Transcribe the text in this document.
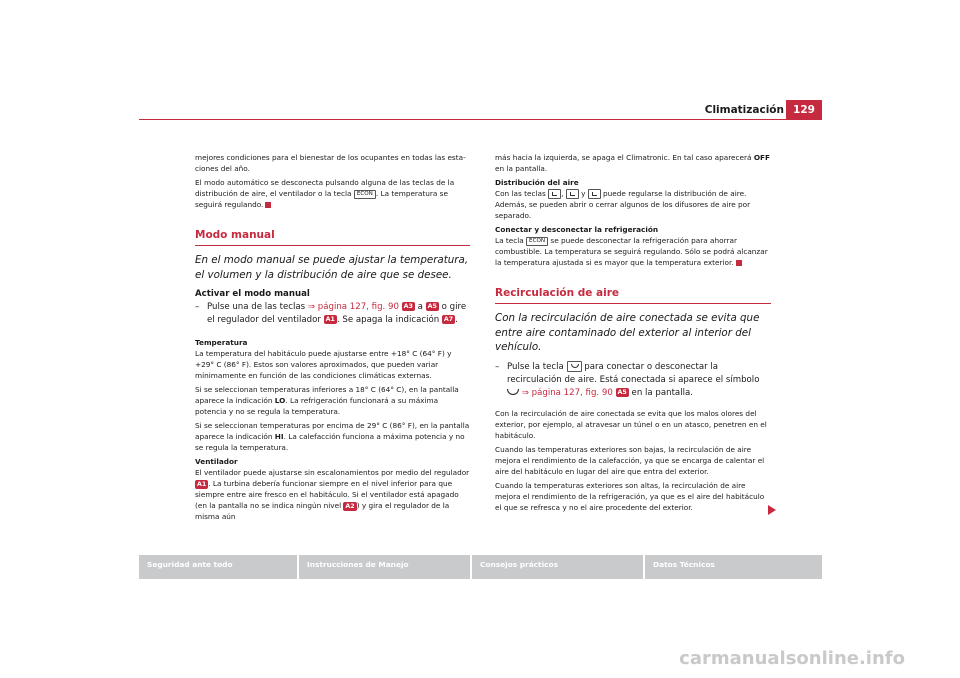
Climatización 129

mejores condiciones para el bienestar de los ocupantes en todas las estaciones del año.

El modo automático se desconecta pulsando alguna de las teclas de la distribución de aire, el ventilador o la tecla ECON . La temperatura se seguirá regulando.

Modo manual
En el modo manual se puede ajustar la temperatura, el volumen y la distribución de aire que se desee.
Activar el modo manual
– Pulse una de las teclas ⇒ página 127, fig. 90 A3 a A5 o gire el regulador del ventilador A1 . Se apaga la indicación A7 .
Temperatura

La temperatura del habitáculo puede ajustarse entre +18° C (64° F) y +29° C (86° F). Estos son valores aproximados, que pueden variar mínimamente en función de las condiciones climáticas externas.

Si se seleccionan temperaturas inferiores a 18° C (64° C), en la pantalla aparece la indicación LO. La refrigeración funcionará a su máxima potencia y no se regula la temperatura.

Si se seleccionan temperaturas por encima de 29° C (86° F), en la pantalla aparece la indicación HI. La calefacción funciona a máxima potencia y no se regula la temperatura.

Ventilador

El ventilador puede ajustarse sin escalonamientos por medio del regulador A1 . La turbina debería funcionar siempre en el nivel inferior para que siempre entre aire fresco en el habitáculo. Si el ventilador está apagado (en la pantalla no se indica ningún nivel A2 ) y gira el regulador de la misma aún

más hacia la izquierda, se apaga el Climatronic. En tal caso aparecerá OFF en la pantalla.

Distribución del aire

Con las teclas ,  y  puede regularse la distribución de aire. Además, se pueden abrir o cerrar algunos de los difusores de aire por separado.

Conectar y desconectar la refrigeración

La tecla ECON se puede desconectar la refrigeración para ahorrar combustible. La temperatura se seguirá regulando. Sólo se podrá alcanzar la temperatura ajustada si es mayor que la temperatura exterior.

Recirculación de aire
Con la recirculación de aire conectada se evita que entre aire contaminado del exterior al interior del vehículo.
– Pulse la tecla  para conectar o desconectar la recirculación de aire. Está conectada si aparece el símbolo  ⇒ página 127, fig. 90 A5 en la pantalla.

Con la recirculación de aire conectada se evita que los malos olores del exterior, por ejemplo, al atravesar un túnel o en un atasco, penetren en el habitáculo.

Cuando las temperaturas exteriores son bajas, la recirculación de aire mejora el rendimiento de la calefacción, ya que se encarga de calentar el aire del habitáculo en lugar del aire que entra del exterior.

Cuando la temperaturas exteriores son altas, la recirculación de aire mejora el rendimiento de la refrigeración, ya que es el aire del habitáculo el que se refresca y no el aire procedente del exterior.

Seguridad ante todo	Instrucciones de Manejo	Consejos prácticos	Datos Técnicos
carmanualsonline.info
